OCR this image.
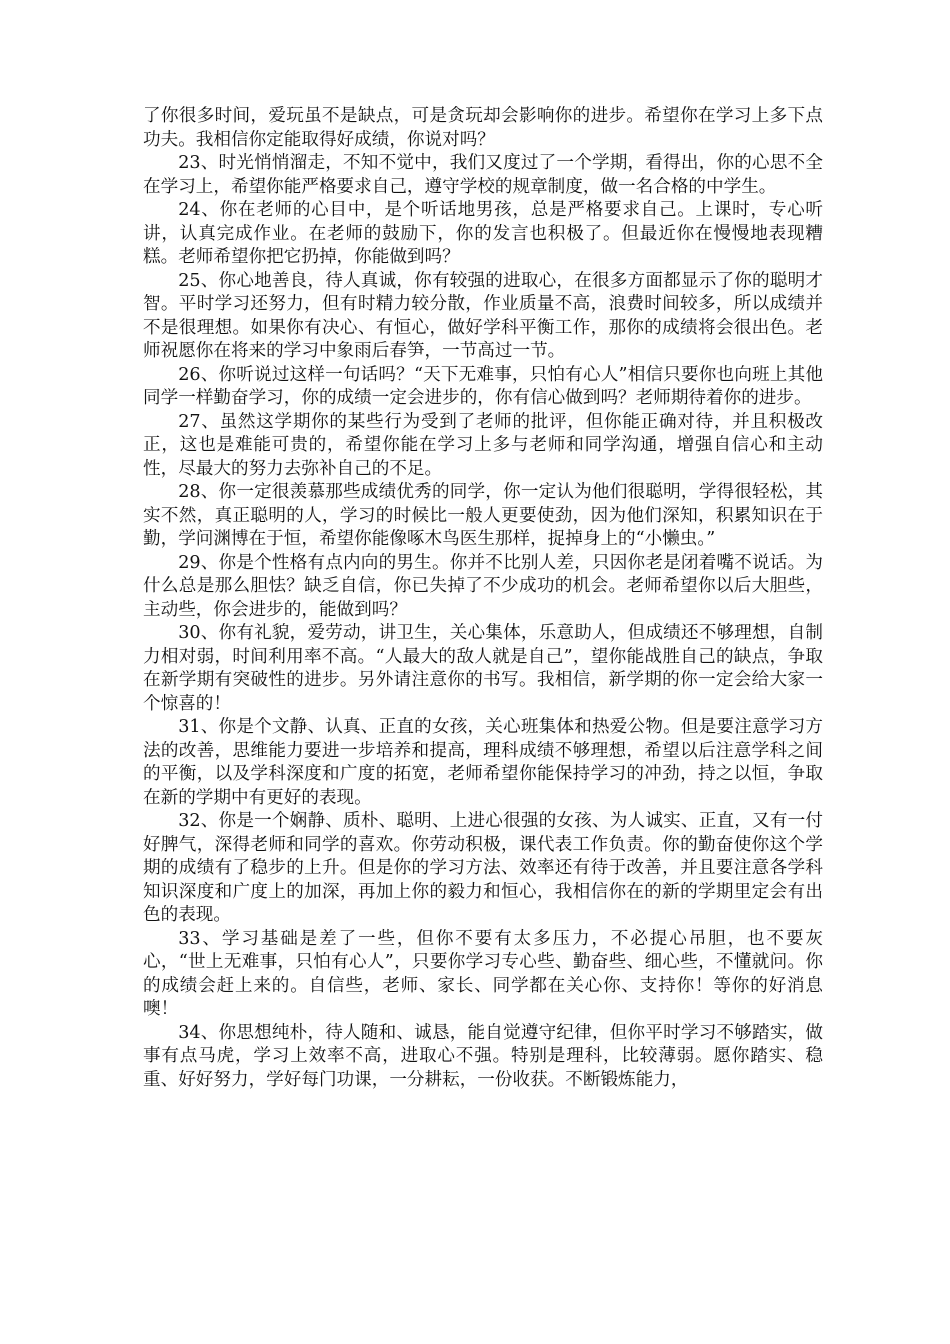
了你很多时间，爱玩虽不是缺点，可是贪玩却会影响你的进步。希望你在学习上多下点功夫。我相信你定能取得好成绩，你说对吗？

23、时光悄悄溜走，不知不觉中，我们又度过了一个学期，看得出，你的心思不全在学习上，希望你能严格要求自己，遵守学校的规章制度，做一名合格的中学生。

24、你在老师的心目中，是个听话地男孩，总是严格要求自己。上课时，专心听讲，认真完成作业。在老师的鼓励下，你的发言也积极了。但最近你在慢慢地表现糟糕。老师希望你把它扔掉，你能做到吗？

25、你心地善良，待人真诚，你有较强的进取心，在很多方面都显示了你的聪明才智。平时学习还努力，但有时精力较分散，作业质量不高，浪费时间较多，所以成绩并不是很理想。如果你有决心、有恒心，做好学科平衡工作，那你的成绩将会很出色。老师祝愿你在将来的学习中象雨后春笋，一节高过一节。

26、你听说过这样一句话吗？“天下无难事，只怕有心人”相信只要你也向班上其他同学一样勤奋学习，你的成绩一定会进步的，你有信心做到吗？老师期待着你的进步。

27、虽然这学期你的某些行为受到了老师的批评，但你能正确对待，并且积极改正，这也是难能可贵的，希望你能在学习上多与老师和同学沟通，增强自信心和主动性，尽最大的努力去弥补自己的不足。

28、你一定很羡慕那些成绩优秀的同学，你一定认为他们很聪明，学得很轻松，其实不然，真正聪明的人，学习的时候比一般人更要使劲，因为他们深知，积累知识在于勤，学问渊博在于恒，希望你能像啄木鸟医生那样，捉掉身上的“小懒虫。”

29、你是个性格有点内向的男生。你并不比别人差，只因你老是闭着嘴不说话。为什么总是那么胆怯？缺乏自信，你已失掉了不少成功的机会。老师希望你以后大胆些，主动些，你会进步的，能做到吗？

30、你有礼貌，爱劳动，讲卫生，关心集体，乐意助人，但成绩还不够理想，自制力相对弱，时间利用率不高。“人最大的敌人就是自己”，望你能战胜自己的缺点，争取在新学期有突破性的进步。另外请注意你的书写。我相信，新学期的你一定会给大家一个惊喜的！

31、你是个文静、认真、正直的女孩，关心班集体和热爱公物。但是要注意学习方法的改善，思维能力要进一步培养和提高，理科成绩不够理想，希望以后注意学科之间的平衡，以及学科深度和广度的拓宽，老师希望你能保持学习的冲劲，持之以恒，争取在新的学期中有更好的表现。

32、你是一个娴静、质朴、聪明、上进心很强的女孩、为人诚实、正直，又有一付好脾气，深得老师和同学的喜欢。你劳动积极，课代表工作负责。你的勤奋使你这个学期的成绩有了稳步的上升。但是你的学习方法、效率还有待于改善，并且要注意各学科知识深度和广度上的加深，再加上你的毅力和恒心，我相信你在的新的学期里定会有出色的表现。

33、学习基础是差了一些，但你不要有太多压力，不必提心吊胆，也不要灰心，“世上无难事，只怕有心人”，只要你学习专心些、勤奋些、细心些，不懂就问。你的成绩会赶上来的。自信些，老师、家长、同学都在关心你、支持你！等你的好消息噢！

34、你思想纯朴，待人随和、诚恳，能自觉遵守纪律，但你平时学习不够踏实，做事有点马虎，学习上效率不高，进取心不强。特别是理科，比较薄弱。愿你踏实、稳重、好好努力，学好每门功课，一分耕耘，一份收获。不断锻炼能力，
